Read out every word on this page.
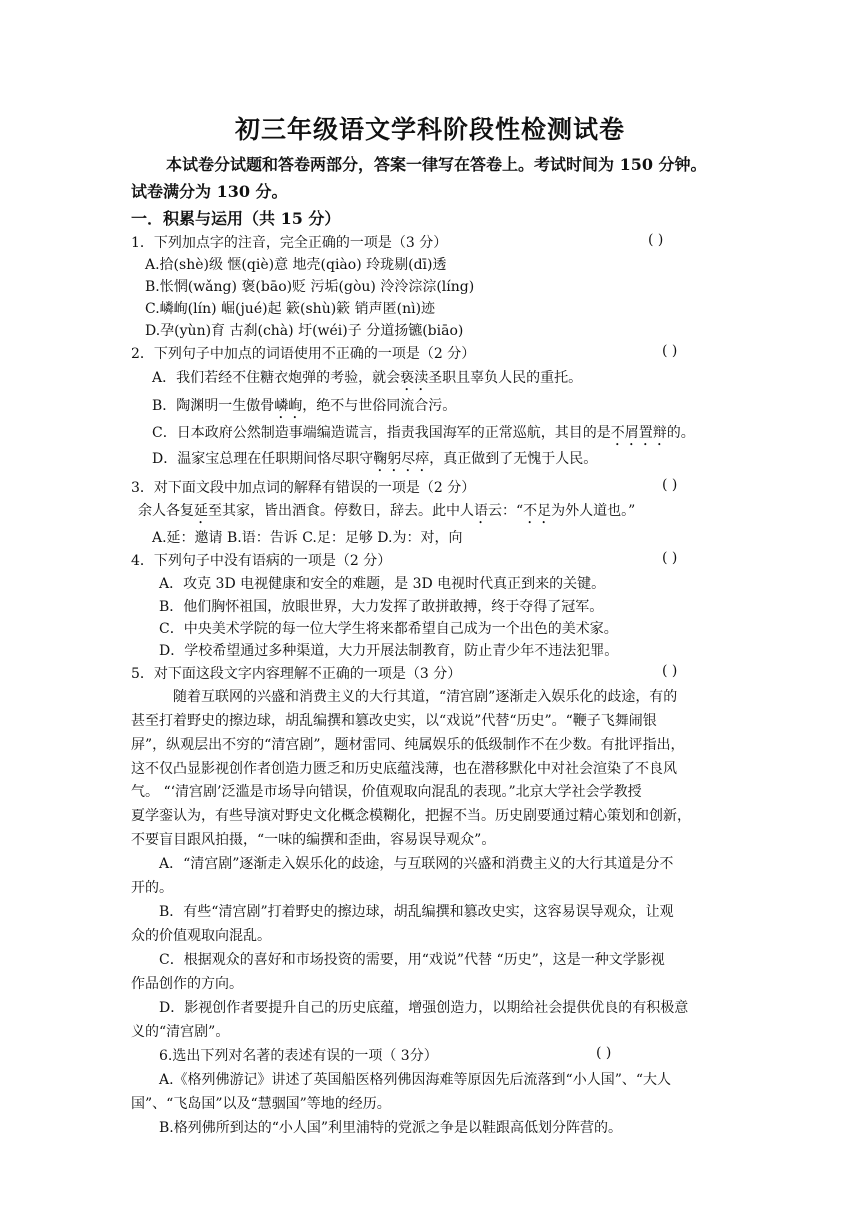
初三年级语文学科阶段性检测试卷
本试卷分试题和答卷两部分，答案一律写在答卷上。考试时间为 150 分钟。
试卷满分为 130 分。
一．积累与运用（共 15 分）
1．下列加点字的注音，完全正确的一项是（3 分）	( )
A.拾(shè)级 惬(qiè)意 地壳(qiào) 玲珑剔(dī)透
B.怅惘(wǎng) 褒(bāo)贬 污垢(gòu) 泠泠淙淙(líng)
C.嶙峋(lín) 崛(jué)起 簌(shù)簌 销声匿(nì)迹
D.孕(yùn)育 古刹(chà) 圩(wéi)子 分道扬镳(biāo)
2．下列句子中加点的词语使用不正确的一项是（2 分）	( )
A．我们若经不住糖衣炮弹的考验，就会亵渎圣职且辜负人民的重托。
B．陶渊明一生傲骨嶙峋，绝不与世俗同流合污。
C．日本政府公然制造事端编造谎言，指责我国海军的正常巡航，其目的是不屑置辩的。
D．温家宝总理在任职期间恪尽职守鞠躬尽瘁，真正做到了无愧于人民。
3．对下面文段中加点词的解释有错误的一项是（2 分）	( )
余人各复延至其家，皆出酒食。停数日，辞去。此中人语云：“不足为外人道也。”
A.延：邀请 B.语：告诉 C.足：足够 D.为：对，向
4．下列句子中没有语病的一项是（2 分）	( )
A．攻克 3D 电视健康和安全的难题，是 3D 电视时代真正到来的关键。
B．他们胸怀祖国，放眼世界，大力发挥了敢拼敢搏，终于夺得了冠军。
C．中央美术学院的每一位大学生将来都希望自己成为一个出色的美术家。
D．学校希望通过多种渠道，大力开展法制教育，防止青少年不违法犯罪。
5．对下面这段文字内容理解不正确的一项是（3 分）	( )
随着互联网的兴盛和消费主义的大行其道，“清宫剧”逐渐走入娱乐化的歧途，有的
甚至打着野史的擦边球，胡乱编撰和篡改史实，以“戏说”代替“历史”。“鞭子飞舞闹银
屏”，纵观层出不穷的“清宫剧”，题材雷同、纯属娱乐的低级制作不在少数。有批评指出，
这不仅凸显影视创作者创造力匮乏和历史底蕴浅薄，也在潜移默化中对社会渲染了不良风
气。 “‘清宫剧’泛滥是市场导向错误，价值观取向混乱的表现。”北京大学社会学教授
夏学銮认为，有些导演对野史文化概念模糊化，把握不当。历史剧要通过精心策划和创新，
不要盲目跟风拍摄，“一味的编撰和歪曲，容易误导观众”。
A．“清宫剧”逐渐走入娱乐化的歧途，与互联网的兴盛和消费主义的大行其道是分不
开的。
B．有些“清宫剧”打着野史的擦边球，胡乱编撰和篡改史实，这容易误导观众，让观
众的价值观取向混乱。
C．根据观众的喜好和市场投资的需要，用“戏说”代替 “历史”，这是一种文学影视
作品创作的方向。
D．影视创作者要提升自己的历史底蕴，增强创造力，以期给社会提供优良的有积极意
义的“清宫剧”。
6.选出下列对名著的表述有误的一项（ 3分）	( )
A.《格列佛游记》讲述了英国船医格列佛因海难等原因先后流落到“小人国”、“大人
国”、“飞岛国”以及“慧骃国”等地的经历。
B.格列佛所到达的“小人国”利里浦特的党派之争是以鞋跟高低划分阵营的。
